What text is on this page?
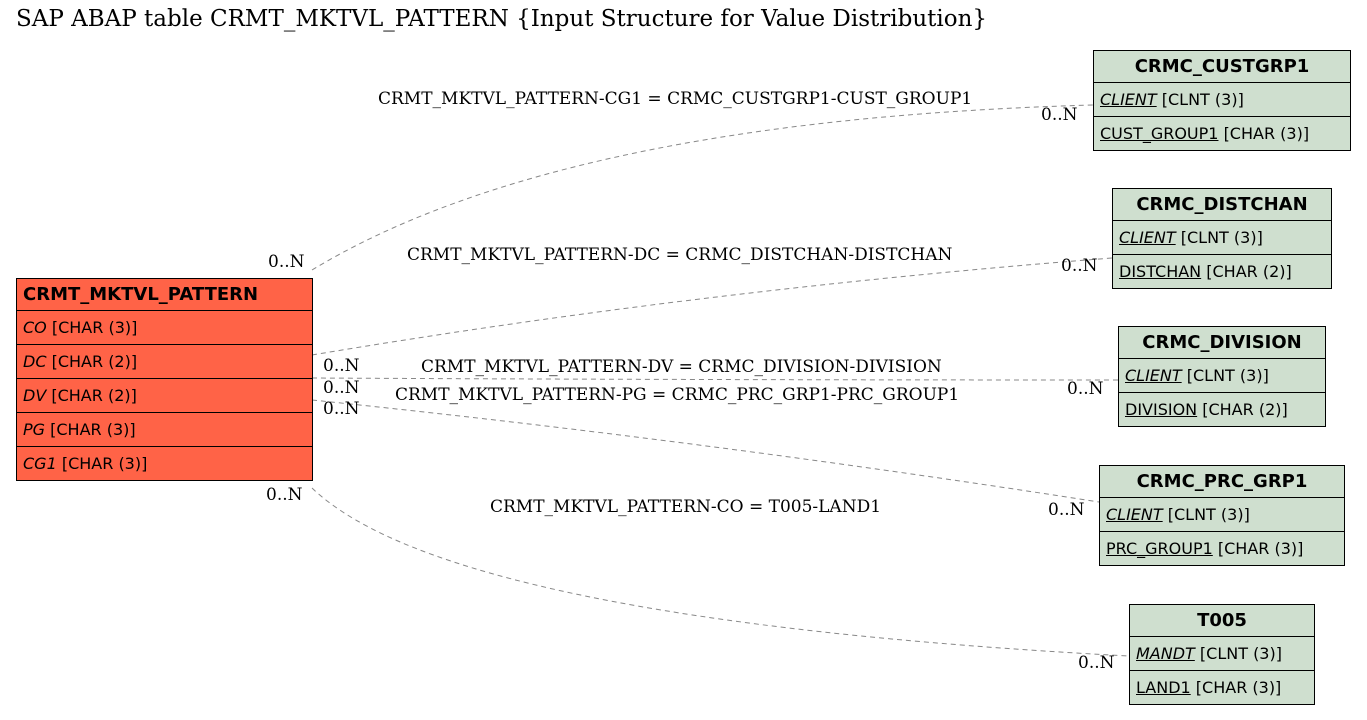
SAP ABAP table CRMT_MKTVL_PATTERN {Input Structure for Value Distribution}
CRMT_MKTVL_PATTERN
CO [CHAR (3)]
DC [CHAR (2)]
DV [CHAR (2)]
PG [CHAR (3)]
CG1 [CHAR (3)]
CRMC_CUSTGRP1
CLIENT [CLNT (3)]
CUST_GROUP1 [CHAR (3)]
CRMC_DISTCHAN
CLIENT [CLNT (3)]
DISTCHAN [CHAR (2)]
CRMC_DIVISION
CLIENT [CLNT (3)]
DIVISION [CHAR (2)]
CRMC_PRC_GRP1
CLIENT [CLNT (3)]
PRC_GROUP1 [CHAR (3)]
T005
MANDT [CLNT (3)]
LAND1 [CHAR (3)]
CRMT_MKTVL_PATTERN-CG1 = CRMC_CUSTGRP1-CUST_GROUP1
CRMT_MKTVL_PATTERN-DC = CRMC_DISTCHAN-DISTCHAN
CRMT_MKTVL_PATTERN-DV = CRMC_DIVISION-DIVISION
CRMT_MKTVL_PATTERN-PG = CRMC_PRC_GRP1-PRC_GROUP1
CRMT_MKTVL_PATTERN-CO = T005-LAND1
0..N
0..N
0..N
0..N
0..N
0..N
0..N
0..N
0..N
0..N
